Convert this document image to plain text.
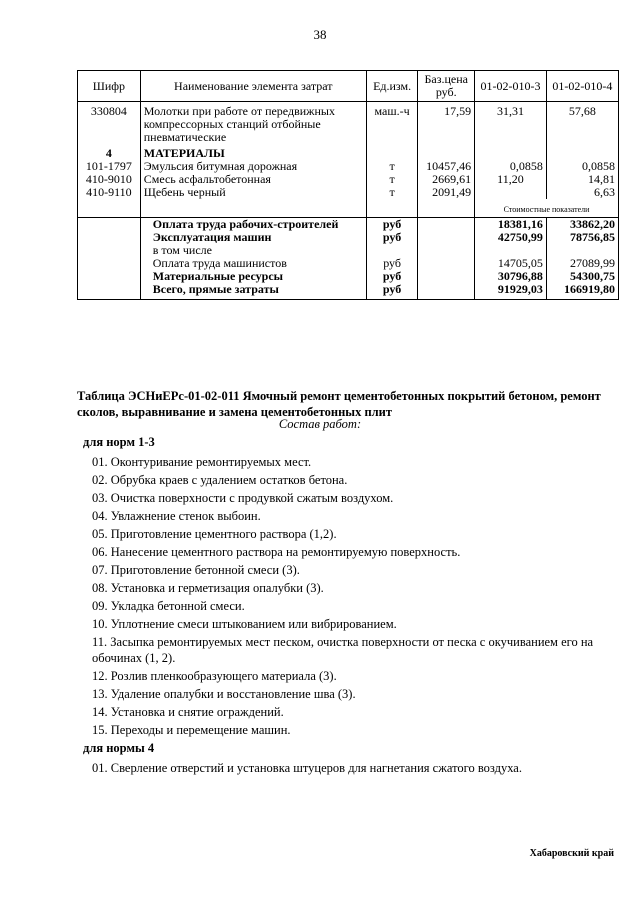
38
Шифр	Наименование элемента затрат	Ед.изм.	Баз.цена руб.	01-02-010-3	01-02-010-4
330804	Молотки при работе от передвижных компрессорных станций отбойные пневматические	маш.-ч	17,59	31,31	57,68
4	МАТЕРИАЛЫ				
101-1797	Эмульсия битумная дорожная	т	10457,46	0,0858	0,0858
410-9010	Смесь асфальтобетонная	т	2669,61	11,20	14,81
410-9110	Щебень черный	т	2091,49		6,63
				Стоимостные показатели	
	Оплата труда рабочих-строителей	руб		18381,16	33862,20
	Эксплуатация машин	руб		42750,99	78756,85
	в том числе				
	Оплата труда машинистов	руб		14705,05	27089,99
	Материальные ресурсы	руб		30796,88	54300,75
	Всего, прямые затраты	руб		91929,03	166919,80
Таблица ЭСНиЕРс-01-02-011 Ямочный ремонт цементобетонных покрытий бетоном, ремонт сколов, выравнивание и замена цементобетонных плит
Состав работ:
для норм 1-3
01. Оконтуривание ремонтируемых мест.
02. Обрубка краев с удалением остатков бетона.
03. Очистка поверхности с продувкой сжатым воздухом.
04. Увлажнение стенок выбоин.
05. Приготовление цементного раствора (1,2).
06. Нанесение цементного раствора на ремонтируемую поверхность.
07. Приготовление бетонной смеси (3).
08. Установка и герметизация опалубки (3).
09. Укладка бетонной смеси.
10. Уплотнение смеси штыкованием или вибрированием.
11. Засыпка ремонтируемых мест песком, очистка поверхности от песка с окучиванием его на обочинах (1, 2).
12. Розлив пленкообразующего материала (3).
13. Удаление опалубки и восстановление шва (3).
14. Установка и снятие ограждений.
15. Переходы и перемещение машин.
для нормы 4
01. Сверление отверстий и установка штуцеров для нагнетания сжатого воздуха.
Хабаровский край
